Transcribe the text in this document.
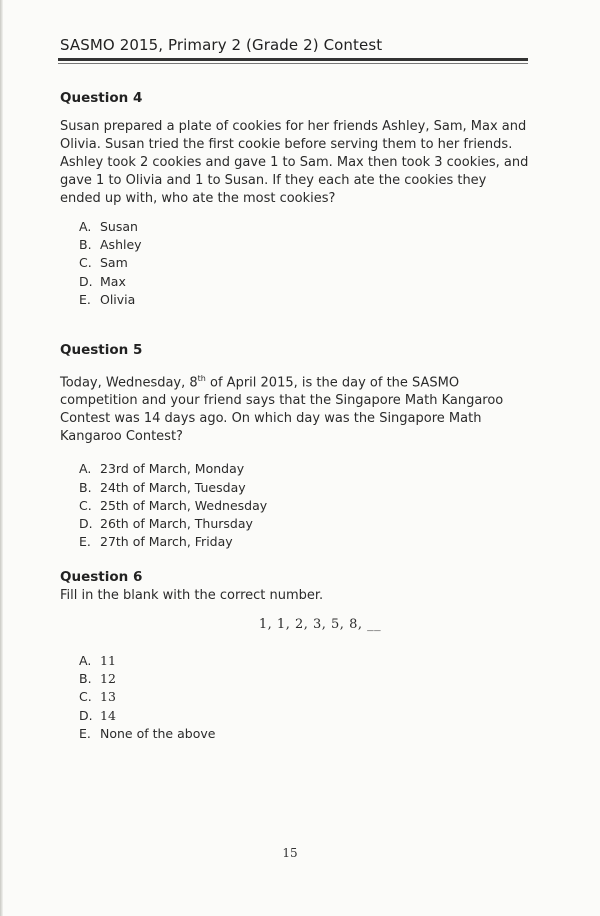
SASMO 2015, Primary 2 (Grade 2) Contest
Question 4

Susan prepared a plate of cookies for her friends Ashley, Sam, Max and Olivia. Susan tried the first cookie before serving them to her friends. Ashley took 2 cookies and gave 1 to Sam. Max then took 3 cookies, and gave 1 to Olivia and 1 to Susan. If they each ate the cookies they ended up with, who ate the most cookies?

A. Susan
B. Ashley
C. Sam
D. Max
E. Olivia
Question 5

Today, Wednesday, 8th of April 2015, is the day of the SASMO competition and your friend says that the Singapore Math Kangaroo Contest was 14 days ago. On which day was the Singapore Math Kangaroo Contest?

A. 23rd of March, Monday
B. 24th of March, Tuesday
C. 25th of March, Wednesday
D. 26th of March, Thursday
E. 27th of March, Friday
Question 6

Fill in the blank with the correct number.

1, 1, 2, 3, 5, 8, __

A. 11
B. 12
C. 13
D. 14
E. None of the above
15
